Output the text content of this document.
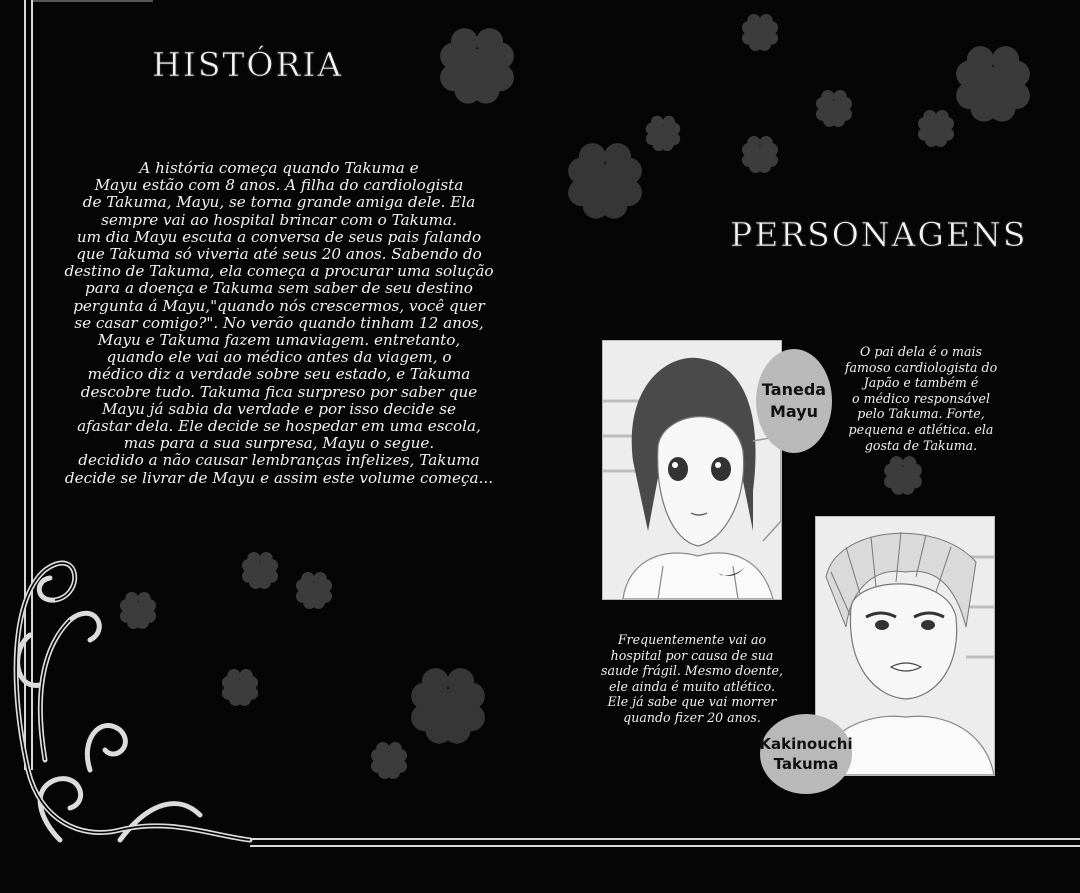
HISTÓRIA
PERSONAGENS
A história começa quando Takuma e
Mayu estão com 8 anos. A filha do cardiologista
de Takuma, Mayu, se torna grande amiga dele. Ela
sempre vai ao hospital brincar com o Takuma.
um dia Mayu escuta a conversa de seus pais falando
que Takuma só viveria até seus 20 anos. Sabendo do
destino de Takuma, ela começa a procurar uma solução
para a doença e Takuma sem saber de seu destino
pergunta á Mayu,"quando nós crescermos, você quer
se casar comigo?". No verão quando tinham 12 anos,
Mayu e Takuma fazem umaviagem. entretanto,
quando ele vai ao médico antes da viagem, o
médico diz a verdade sobre seu estado, e Takuma
descobre tudo. Takuma fica surpreso por saber que
Mayu já sabia da verdade e por isso decide se
afastar dela. Ele decide se hospedar em uma escola,
mas para a sua surpresa, Mayu o segue.
decidido a não causar lembranças infelizes, Takuma
decide se livrar de Mayu e assim este volume começa...
Taneda
Mayu
Kakinouchi
Takuma
O pai dela é o mais
famoso cardiologista do
Japão e também é
o médico responsável
pelo Takuma. Forte,
pequena e atlética. ela
gosta de Takuma.
Frequentemente vai ao
hospital por causa de sua
saude frágil. Mesmo doente,
ele ainda é muito atlético.
Ele já sabe que vai morrer
quando fizer 20 anos.
